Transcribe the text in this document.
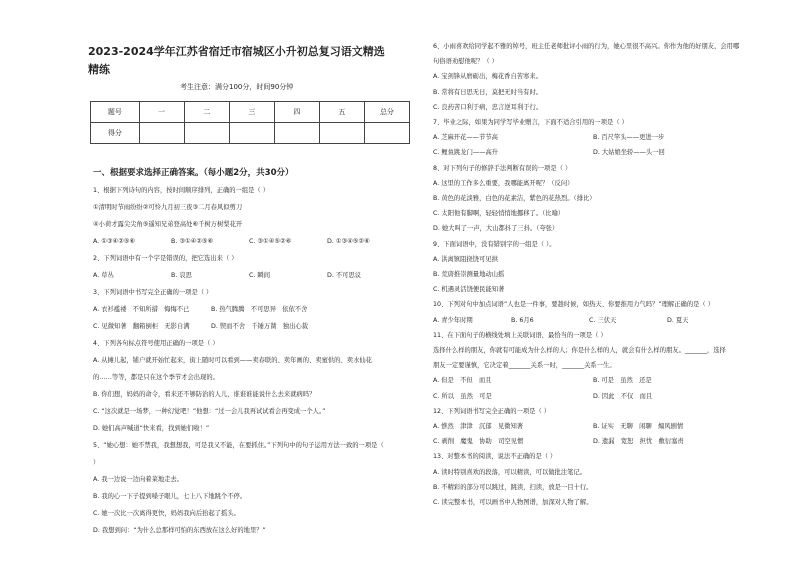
2023-2024学年江苏省宿迁市宿城区小升初总复习语文精选
精练
考生注意：满分100分，时间90分钟
题号	一	二	三	四	五	总分
得分						
一、根据要求选择正确答案。（每小题2分，共30分）
1、根据下列诗句的内容，按时间顺序排列，正确的一组是（ ）
①清明时节雨纷纷②可怜九月初三夜③二月春风似剪刀
④小荷才露尖尖角⑤遥知兄弟登高处⑥千树万树梨花开
A. ①③④②⑤⑥	B. ③①④②⑤⑥	C. ③①④⑤②⑥	D. ①③④⑤②⑥
2、下列词语中有一个字是错误的，把它选出来（ ）
A. 草丛	B. 哀思	C. 瞬间	D. 不可思议
3、下列词语中书写完全正确的一项是（ ）
A. 衣衫褴褛　不知所措　悔悔不已	B. 热气腾腾　不可思异　依依不舍
C. 见微知著　翻箱倒柜　无影自满	D. 锲而不舍　千锤万凿　独出心裁
4、下列各句标点符号使用正确的一项是（ ）
A. 从摊儿起，铺户就开始忙起来，街上随时可以看到——卖春联的、卖年画的、卖蜜供的、卖水仙花
的……等等，都是只在这个季节才会出现的。
B. 你们想，妈妈的命令，看来还不够防治的人儿，谁谁谁能说什么去来就病吗？
C. “这次就是一场梦，一种幻觉吧！”他想：“过一会儿我再试试看会再变成一个人。”
D. 她们高声喊道“快来看，找到她们啦！”
5、“她心想：她不禁我，我想想我，可是我又不能，在要抓住。”下列句中的句子运用方法一致的一项是（
）
A. 我一边说一边向着菜地走去。
B. 我的心一下子提到嗓子眼儿，七上八下地跳个不停。
C. 她一次比一次离得更快，妈妈我向后抬起了摇头。
D. 我想到问：“为什么总那样可怕的东西放在这么好的地里？”
6、小雨喜欢给同学起不雅的绰号，班主任老师批评小雨的行为，她心里很不高兴。你作为他的好朋友，会用哪
句俗语劝慰他呢？（ ）
A. 宝剑锋从磨砺出，梅花香自苦寒来。
B. 常将有日思无日，莫把无时当有时。
C. 良药苦口利于病，忠言逆耳利于行。
7、毕业之际，如果为同学写毕业赠言，下面不适合引用的一项是（ ）
A. 芝麻开花——节节高	B. 百尺竿头——更进一步
C. 鲤鱼跳龙门——高升	D. 大姑娘坐轿——头一回
8、对下列句子的修辞手法判断有误的一项是（ ）
A. 这里的工作多么重要，我哪能离开呢？（反问）
B. 黄色的花淡雅，白色的花素洁，紫色的花热烈。（排比）
C. 太阳他有脚啊，轻轻悄悄地挪移了。（比喻）
D. 她大叫了一声，大山都抖了三抖。（夸张）
9、下面词语中，没有错别字的一组是（ ）。
A. 洪离镇阻挠饶可见拱
B. 荒唐推崇测量地动山摇
C. 机遇灵活饶便民能知著
10、下列对句中加点词语“人也是一件事，要趁时候，如热天、你要推用力气吗？”理解正确的是（ ）
A. 青少年时期	B. 6月6	C. 三伏天	D. 夏天
11、在下面句子的横线处填上关联词语，最恰当的一项是（ ）
选择什么样的朋友，你就有可能成为什么样的人；你是什么样的人，就会有什么样的朋友。_______，选择
朋友一定要谨慎，它决定着_______关系一时，_______关系一生。
A. 但是　不但　而且	B. 可是　虽然　还是
C. 所以　虽然　可是	D. 因此　不仅　而且
12、下列词语书写完全正确的一项是（ ）
A. 憔然　津津　沉郁　见微知著	B. 证实　无聊　闲聊　煽风剧情
C. 剥削　魔鬼　协助　司空见惯	D. 遗漏　宽恕　担忧　敷衍塞责
13、对整本书的阅读，说法不正确的是（ ）
A. 读时特别喜欢的段落，可以精读，可以做批注笔记。
B. 不精彩的部分可以跳过，跳读，扫读，放是一目十行。
C. 读完整本书，可以画书中人物图谱，加深对人物了解。
